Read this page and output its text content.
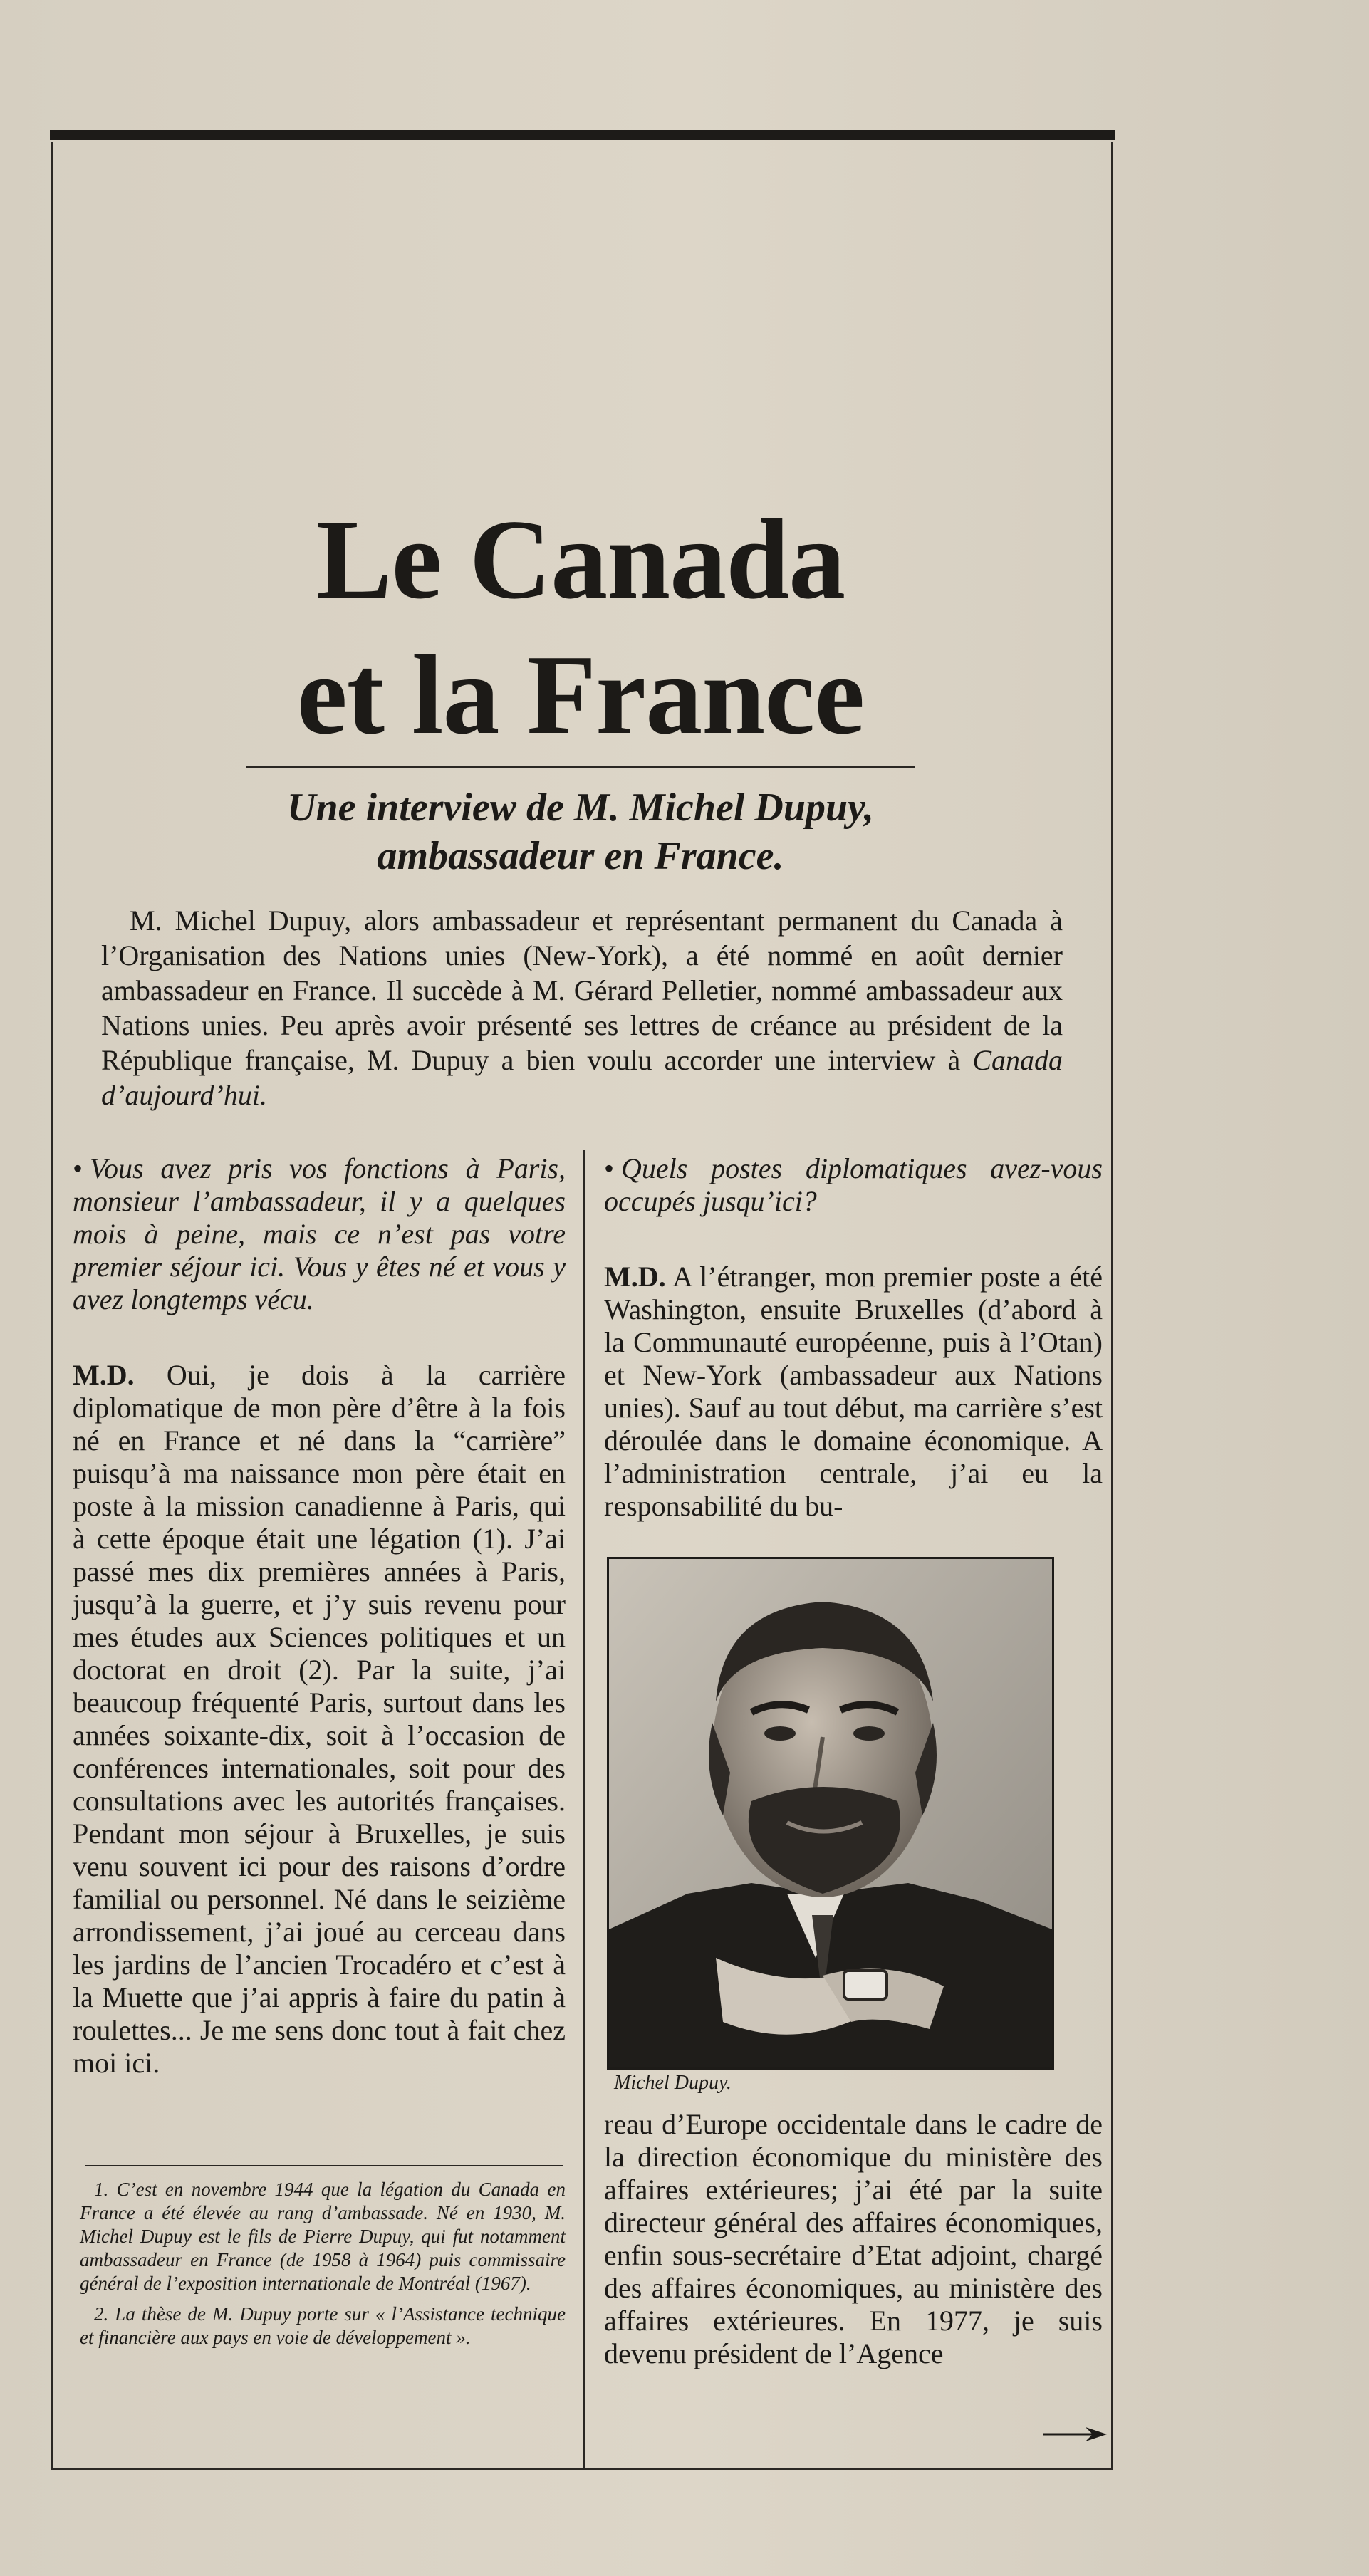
Le Canada
et la France
Une interview de M. Michel Dupuy,
ambassadeur en France.

M. Michel Dupuy, alors ambassadeur et représentant permanent du Canada à l’Organisation des Nations unies (New-York), a été nommé en août dernier ambassadeur en France. Il succède à M. Gérard Pelletier, nommé ambassadeur aux Nations unies. Peu après avoir présenté ses lettres de créance au président de la République française, M. Dupuy a bien voulu accorder une interview à Canada d’aujourd’hui.

• Vous avez pris vos fonctions à Paris, monsieur l’ambassadeur, il y a quelques mois à peine, mais ce n’est pas votre premier séjour ici. Vous y êtes né et vous y avez longtemps vécu.

M.D. Oui, je dois à la carrière diplomatique de mon père d’être à la fois né en France et né dans la “carrière” puisqu’à ma naissance mon père était en poste à la mission canadienne à Paris, qui à cette époque était une légation (1). J’ai passé mes dix premières années à Paris, jusqu’à la guerre, et j’y suis revenu pour mes études aux Sciences politiques et un doctorat en droit (2). Par la suite, j’ai beaucoup fréquenté Paris, surtout dans les années soixante-dix, soit à l’occasion de conférences internationales, soit pour des consultations avec les autorités françaises. Pendant mon séjour à Bruxelles, je suis venu souvent ici pour des raisons d’ordre familial ou personnel. Né dans le seizième arrondissement, j’ai joué au cerceau dans les jardins de l’ancien Trocadéro et c’est à la Muette que j’ai appris à faire du patin à roulettes... Je me sens donc tout à fait chez moi ici.

1. C’est en novembre 1944 que la légation du Canada en France a été élevée au rang d’ambassade. Né en 1930, M. Michel Dupuy est le fils de Pierre Dupuy, qui fut notamment ambassadeur en France (de 1958 à 1964) puis commissaire général de l’exposition internationale de Montréal (1967).

2. La thèse de M. Dupuy porte sur « l’Assistance technique et financière aux pays en voie de développement ».

• Quels postes diplomatiques avez-vous occupés jusqu’ici?

M.D. A l’étranger, mon premier poste a été Washington, ensuite Bruxelles (d’abord à la Communauté européenne, puis à l’Otan) et New-York (ambassadeur aux Nations unies). Sauf au tout début, ma carrière s’est déroulée dans le domaine économique. A l’administration centrale, j’ai eu la responsabilité du bu-

Michel Dupuy.

reau d’Europe occidentale dans le cadre de la direction économique du ministère des affaires extérieures; j’ai été par la suite directeur général des affaires économiques, enfin sous-secrétaire d’Etat adjoint, chargé des affaires économiques, au ministère des affaires extérieures. En 1977, je suis devenu président de l’Agence
